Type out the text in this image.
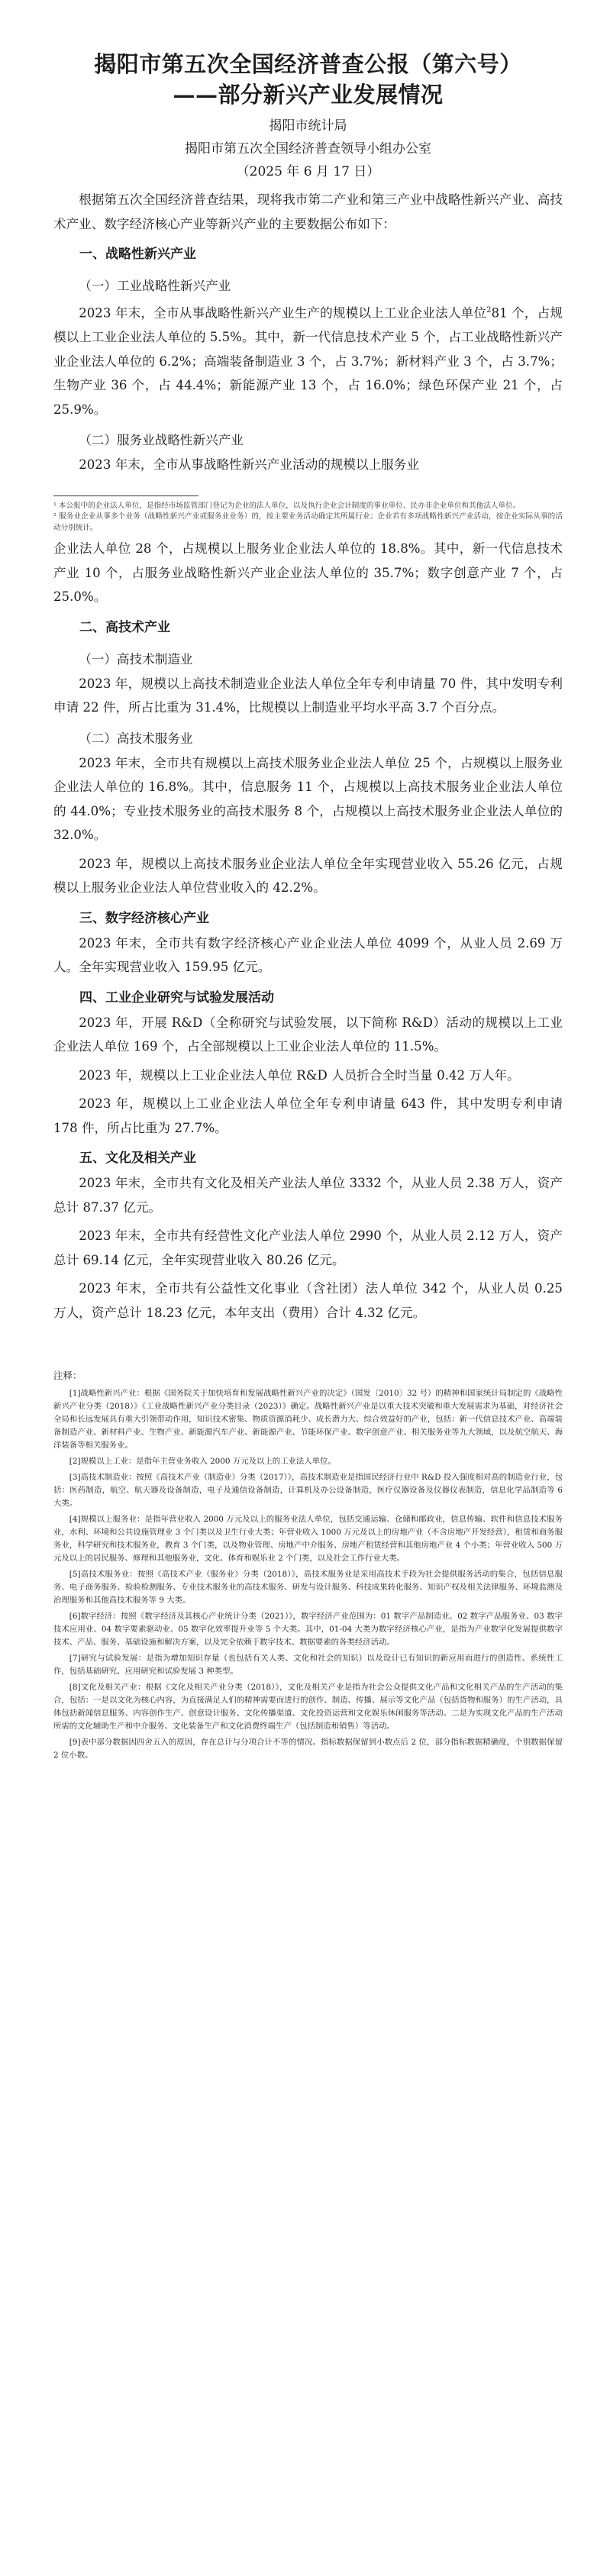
揭阳市第五次全国经济普查公报（第六号）
——部分新兴产业发展情况
揭阳市统计局
揭阳市第五次全国经济普查领导小组办公室
（2025 年 6 月 17 日）

根据第五次全国经济普查结果，现将我市第二产业和第三产业中战略性新兴产业、高技术产业、数字经济核心产业等新兴产业的主要数据公布如下：

一、战略性新兴产业
（一）工业战略性新兴产业

2023 年末，全市从事战略性新兴产业生产的规模以上工业企业法人单位$^2$81 个，占规模以上工业企业法人单位的 5.5%。其中，新一代信息技术产业 5 个，占工业战略性新兴产业企业法人单位的 6.2%；高端装备制造业 3 个，占 3.7%；新材料产业 3 个，占 3.7%；生物产业 36 个，占 44.4%；新能源产业 13 个，占 16.0%；绿色环保产业 21 个，占 25.9%。

（二）服务业战略性新兴产业

2023 年末，全市从事战略性新兴产业活动的规模以上服务业

¹ 本公报中的企业法人单位，是指经市场监管部门登记为企业的法人单位，以及执行企业会计制度的事业单位、民办非企业单位和其他法人单位。

² 服务业企业从事多个业务（战略性新兴产业或服务业业务）的，按主要业务活动确定其所属行业；企业若有多项战略性新兴产业活动，按企业实际从事的活动分别统计。

企业法人单位 28 个，占规模以上服务业企业法人单位的 18.8%。其中，新一代信息技术产业 10 个，占服务业战略性新兴产业企业法人单位的 35.7%；数字创意产业 7 个，占 25.0%。

二、高技术产业
（一）高技术制造业

2023 年，规模以上高技术制造业企业法人单位全年专利申请量 70 件，其中发明专利申请 22 件，所占比重为 31.4%，比规模以上制造业平均水平高 3.7 个百分点。

（二）高技术服务业

2023 年末，全市共有规模以上高技术服务业企业法人单位 25 个，占规模以上服务业企业法人单位的 16.8%。其中，信息服务 11 个，占规模以上高技术服务业企业法人单位的 44.0%；专业技术服务业的高技术服务 8 个，占规模以上高技术服务业企业法人单位的 32.0%。

2023 年，规模以上高技术服务业企业法人单位全年实现营业收入 55.26 亿元，占规模以上服务业企业法人单位营业收入的 42.2%。

三、数字经济核心产业

2023 年末，全市共有数字经济核心产业企业法人单位 4099 个，从业人员 2.69 万人。全年实现营业收入 159.95 亿元。

四、工业企业研究与试验发展活动

2023 年，开展 R&D（全称研究与试验发展，以下简称 R&D）活动的规模以上工业企业法人单位 169 个，占全部规模以上工业企业法人单位的 11.5%。

2023 年，规模以上工业企业法人单位 R&D 人员折合全时当量 0.42 万人年。

2023 年，规模以上工业企业法人单位全年专利申请量 643 件，其中发明专利申请 178 件，所占比重为 27.7%。

五、文化及相关产业

2023 年末，全市共有文化及相关产业法人单位 3332 个，从业人员 2.38 万人，资产总计 87.37 亿元。

2023 年末，全市共有经营性文化产业法人单位 2990 个，从业人员 2.12 万人，资产总计 69.14 亿元，全年实现营业收入 80.26 亿元。

2023 年末，全市共有公益性文化事业（含社团）法人单位 342 个，从业人员 0.25 万人，资产总计 18.23 亿元，本年支出（费用）合计 4.32 亿元。

注释：

[1]战略性新兴产业：根据《国务院关于加快培育和发展战略性新兴产业的决定》（国发〔2010〕32 号）的精神和国家统计局制定的《战略性新兴产业分类（2018）》《工业战略性新兴产业分类目录（2023）》确定。战略性新兴产业是以重大技术突破和重大发展需求为基础，对经济社会全局和长远发展具有重大引领带动作用，知识技术密集、物质资源消耗少、成长潜力大、综合效益好的产业，包括：新一代信息技术产业、高端装备制造产业、新材料产业、生物产业、新能源汽车产业、新能源产业、节能环保产业、数字创意产业、相关服务业等九大领域，以及航空航天、海洋装备等相关服务业。

[2]规模以上工业：是指年主营业务收入 2000 万元及以上的工业法人单位。

[3]高技术制造业：按照《高技术产业（制造业）分类（2017）》，高技术制造业是指国民经济行业中 R&D 投入强度相对高的制造业行业，包括：医药制造，航空、航天器及设备制造，电子及通信设备制造，计算机及办公设备制造，医疗仪器设备及仪器仪表制造，信息化学品制造等 6 大类。

[4]规模以上服务业：是指年营业收入 2000 万元及以上的服务业法人单位，包括交通运输、仓储和邮政业，信息传输、软件和信息技术服务业，水利、环境和公共设施管理业 3 个门类以及卫生行业大类；年营业收入 1000 万元及以上的房地产业（不含房地产开发经营），租赁和商务服务业，科学研究和技术服务业，教育 3 个门类，以及物业管理、房地产中介服务、房地产租赁经营和其他房地产业 4 个小类；年营业收入 500 万元及以上的居民服务、修理和其他服务业，文化、体育和娱乐业 2 个门类，以及社会工作行业大类。

[5]高技术服务业：按照《高技术产业（服务业）分类（2018）》，高技术服务业是采用高技术手段为社会提供服务活动的集合，包括信息服务、电子商务服务、检验检测服务、专业技术服务业的高技术服务、研发与设计服务、科技成果转化服务、知识产权及相关法律服务、环境监测及治理服务和其他高技术服务等 9 大类。

[6]数字经济：按照《数字经济及其核心产业统计分类（2021）》，数字经济产业范围为：01 数字产品制造业、02 数字产品服务业、03 数字技术应用业、04 数字要素驱动业、05 数字化效率提升业等 5 个大类。其中，01-04 大类为数字经济核心产业，是指为产业数字化发展提供数字技术、产品、服务、基础设施和解决方案，以及完全依赖于数字技术、数据要素的各类经济活动。

[7]研究与试验发展：是指为增加知识存量（也包括有关人类、文化和社会的知识）以及设计已有知识的新应用而进行的创造性、系统性工作，包括基础研究、应用研究和试验发展 3 种类型。

[8]文化及相关产业：根据《文化及相关产业分类（2018）》，文化及相关产业是指为社会公众提供文化产品和文化相关产品的生产活动的集合，包括：一是以文化为核心内容，为直接满足人们的精神需要而进行的创作、制造、传播、展示等文化产品（包括货物和服务）的生产活动，具体包括新闻信息服务、内容创作生产、创意设计服务、文化传播渠道、文化投资运营和文化娱乐休闲服务等活动。二是为实现文化产品的生产活动所需的文化辅助生产和中介服务、文化装备生产和文化消费终端生产（包括制造和销售）等活动。

[9]表中部分数据因四舍五入的原因，存在总计与分项合计不等的情况。指标数据保留到小数点后 2 位，部分指标数据精确度，个别数据保留 2 位小数。
